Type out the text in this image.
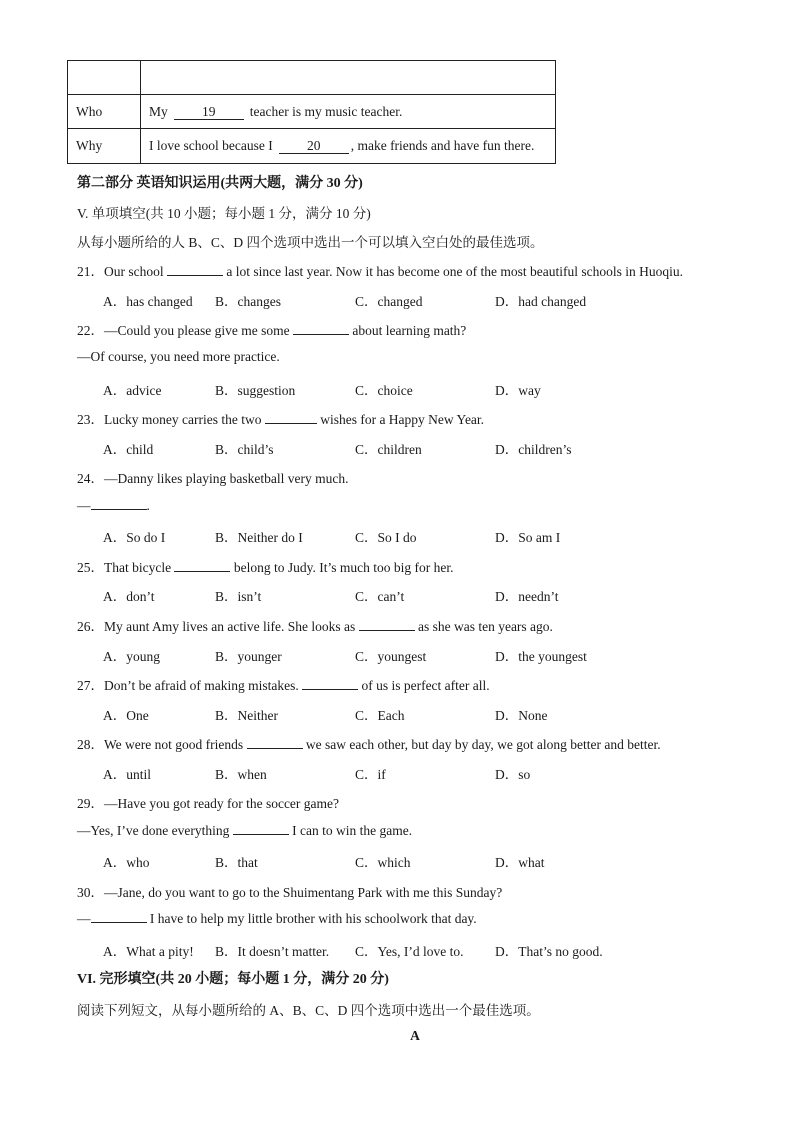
Who	My 19 teacher is my music teacher.
Why	I love school because I 20 , make friends and have fun there.
第二部分 英语知识运用(共两大题，满分 30 分)
V. 单项填空(共 10 小题；每小题 1 分，满分 10 分)
从每小题所给的人 B、C、D 四个选项中选出一个可以填入空白处的最佳选项。
21．Our school	a lot since last year. Now it has become one of the most beautiful schools in Huoqiu.
A．has changed B．changes	C．changed	D．had changed
22．—Could you please give me some	about learning math?
—Of course, you need more practice.
A．advice	B．suggestion	C．choice	D．way
23．Lucky money carries the two	wishes for a Happy New Year.
A．child	B．child’s	C．children	D．children’s
24．—Danny likes playing basketball very much.
—	.
A．So do I	B．Neither do I	C．So I do	D．So am I
25．That bicycle	belong to Judy. It’s much too big for her.
A．don’t	B．isn’t	C．can’t	D．needn’t
26．My aunt Amy lives an active life. She looks as	as she was ten years ago.
A．young	B．younger	C．youngest	D．the youngest
27．Don’t be afraid of making mistakes.	of us is perfect after all.
A．One	B．Neither	C．Each	D．None
28．We were not good friends	we saw each other, but day by day, we got along better and better.
A．until	B．when	C．if	D．so
29．—Have you got ready for the soccer game?
—Yes, I’ve done everything	I can to win the game.
A．who	B．that	C．which	D．what
30．—Jane, do you want to go to the Shuimentang Park with me this Sunday?
—	I have to help my little brother with his schoolwork that day.
A．What a pity! B．It doesn’t matter. C．Yes, I’d love to. D．That’s no good.
VI. 完形填空(共 20 小题；每小题 1 分，满分 20 分)
阅读下列短文，从每小题所给的 A、B、C、D 四个选项中选出一个最佳选项。
A
